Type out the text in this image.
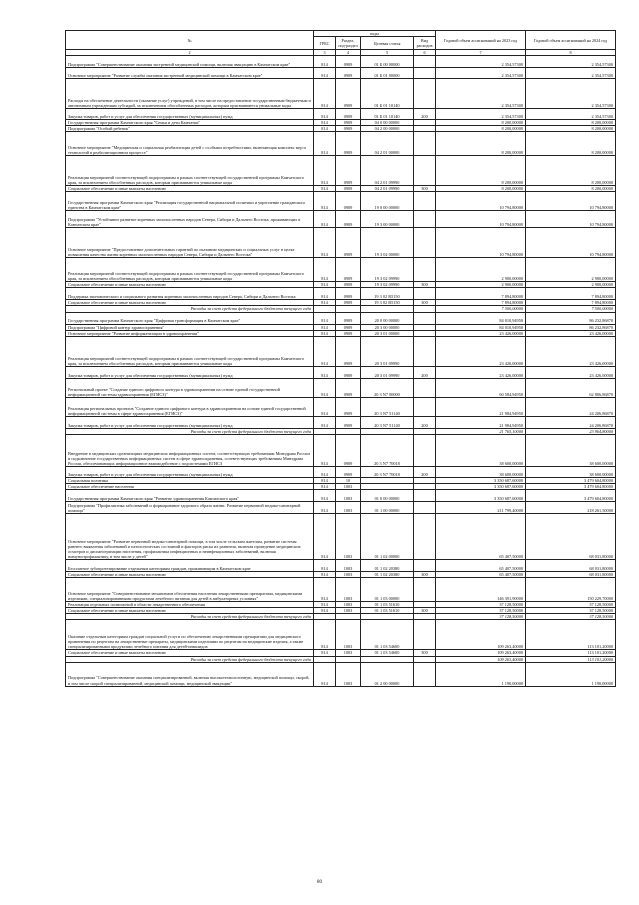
№	коды				Годовой объем ассигнований на 2023 год	Годовой объем ассигнований на 2024 год
	ГРБС	Раздел, под-раздел	Целевая статья	Вид расходов		
2	3	4	5	6	7	8
Подпрограмма "Совершенствование оказания экстренной медицинской помощи, включая эвакуацию в Камчатском крае"	814	0909	01 Б 00 00000		2 354,57300	2 354,57300
Основное мероприятие "Развитие службы оказания экстренной медицинской помощи в Камчатском крае"	814	0909	01 Б 01 00000		2 354,57300	2 354,57300
Расходы на обеспечение деятельности (оказание услуг) учреждений, в том числе на предоставление государственным бюджетным и автономным учреждениям субсидий, за исключением обособленных расходов, которым присваиваются уникальные коды	814	0909	01 Б 01 10140		2 354,57300	2 354,57300
Закупка товаров, работ и услуг для обеспечения государственных (муниципальных) нужд	814	0909	01 Б 01 10140	200	2 354,57300	2 354,57300
Государственная программа Камчатского края "Семья и дети Камчатки"	814	0909	04 0 00 00000		8 200,00000	8 200,00000
Подпрограмма "Особый ребенок"	814	0909	04 2 00 00000		8 200,00000	8 200,00000
Основное мероприятие "Медицинская и социальная реабилитация детей с особыми потребностями, включающая комплекс мер и технологий в реабилитационном процессе"	814	0909	04 2 01 00000		8 200,00000	8 200,00000
Реализация мероприятий соответствующей подпрограммы в рамках соответствующей государственной программы Камчатского края, за исключением обособленных расходов, которым присваиваются уникальные коды	814	0909	04 2 01 09990		8 200,00000	8 200,00000
Социальное обеспечение и иные выплаты населению	814	0909	04 2 01 09990	300	8 200,00000	8 200,00000
Государственная программа Камчатского края "Реализация государственной национальной политики и укрепление гражданского единства в Камчатском крае"	814	0909	19 0 00 00000		10 794,80000	10 794,80000
Подпрограмма "Устойчивое развитие коренных малочисленных народов Севера, Сибири и Дальнего Востока, проживающих в Камчатском крае"	814	0909	19 3 00 00000		10 794,80000	10 794,80000
Основное мероприятие "Предоставление дополнительных гарантий по оказанию медицинских и социальных услуг в целях повышения качества жизни коренных малочисленных народов Севера, Сибири и Дальнего Востока"	814	0909	19 3 02 00000		10 794,80000	10 794,80000
Реализация мероприятий соответствующей подпрограммы в рамках соответствующей государственной программы Камчатского края, за исключением обособленных расходов, которым присваиваются уникальные коды	814	0909	19 3 02 09990		2 900,00000	2 900,00000
Социальное обеспечение и иные выплаты населению	814	0909	19 3 02 09990	300	2 900,00000	2 900,00000
Поддержка экономического и социального развития коренных малочисленных народов Севера, Сибири и Дальнего Востока	814	0909	19 3 02 R5150		7 894,80000	7 894,80000
Социальное обеспечение и иные выплаты населению	814	0909	19 3 02 R5150	300	7 894,80000	7 894,80000
Расходы за счет средств федерального бюджета текущего года					7 500,00000	7 500,00000
Государственная программа Камчатского края "Цифровая трансформация в Камчатском крае"	814	0909	20 0 00 00000		84 010,94950	86 232,86870
Подпрограмма "Цифровой контур здравоохранения"	814	0909	20 3 00 00000		84 010,94950	86 232,86870
Основное мероприятие "Развитие информатизации в здравоохранении"	814	0909	20 3 01 00000		23 426,00000	23 426,00000
Реализация мероприятий соответствующей подпрограммы в рамках соответствующей государственной программы Камчатского края, за исключением обособленных расходов, которым присваиваются уникальные коды	814	0909	20 3 01 09990		23 426,00000	23 426,00000
Закупка товаров, работ и услуг для обеспечения государственных (муниципальных) нужд	814	0909	20 3 01 09990	200	23 426,00000	23 426,00000
Региональный проект "Создание единого цифрового контура в здравоохранении на основе единой государственной информационной системы здравоохранения (ЕГИСЗ)"	814	0909	20 3 N7 00000		60 584,94950	62 806,86870
Реализация региональных проектов "Создание единого цифрового контура в здравоохранении на основе единой государственной информационной системы в сфере здравоохранения (ЕГИСЗ)"	814	0909	20 3 N7 51140		21 984,94950	24 206,86870
Закупка товаров, работ и услуг для обеспечения государственных (муниципальных) нужд	814	0909	20 3 N7 51140	200	21 984,94950	24 206,86870
Расходы за счет средств федерального бюджета текущего года					21 765,10000	23 964,80000
Внедрение в медицинских организациях медицинских информационных систем, соответствующих требованиям Минздрава России и подключение государственных информационных систем в сфере здравоохранения, соответствующих требованиям Минздрава России, обеспечивающих информационное взаимодействие с подсистемами ЕГИСЗ	814	0909	20 3 N7 70018		38 600,00000	38 600,00000
Закупка товаров, работ и услуг для обеспечения государственных (муниципальных) нужд	814	0909	20 3 N7 70018	200	38 600,00000	38 600,00000
Социальная политика	814	10			3 350 687,60000	3 479 604,80000
Социальное обеспечение населения	814	1003			3 350 687,60000	3 479 604,80000
Государственная программа Камчатского края "Развитие здравоохранения Камчатского края"	814	1003	01 0 00 00000		3 350 687,60000	3 479 604,80000
Подпрограмма "Профилактика заболеваний и формирование здорового образа жизни. Развитие первичной медико-санитарной помощи"	814	1003	01 1 00 00000		211 799,40000	218 261,50000
Основное мероприятие "Развитие первичной медико-санитарной помощи, в том числе сельским жителям, развитие системы раннего выявления заболеваний и патологических состояний и факторов риска их развития, включая проведение медицинских осмотров и диспансеризации населения, профилактика инфекционных и неинфекционных заболеваний, включая иммунопрофилактику, в том числе у детей"	814	1003	01 1 02 00000		65 407,50000	68 031,80000
Бесплатное зубопротезирование отдельным категориям граждан, проживающим в Камчатском крае	814	1003	01 1 02 20380		65 407,50000	68 031,80000
Социальное обеспечение и иные выплаты населению	814	1003	01 1 02 20380	300	65 407,50000	68 031,80000
Основное мероприятие "Совершенствование механизмов обеспечения населения лекарственными препаратами, медицинскими изделиями, специализированными продуктами лечебного питания для детей в амбулаторных условиях"	814	1003	01 1 03 00000		146 391,90000	150 229,70000
Реализация отдельных полномочий в области лекарственного обеспечения	814	1003	01 1 03 51610		37 128,50000	37 128,50000
Социальное обеспечение и иные выплаты населению	814	1003	01 1 03 51610	300	37 128,50000	37 128,50000
Расходы за счет средств федерального бюджета текущего года					37 128,50000	37 128,50000
Оказание отдельным категориям граждан социальной услуги по обеспечению лекарственными препаратами для медицинского применения по рецептам на лекарственные препараты, медицинскими изделиями по рецептам на медицинские изделия, а также специализированными продуктами лечебного питания для детей-инвалидов	814	1003	01 1 03 54600		109 263,40000	113 101,20000
Социальное обеспечение и иные выплаты населению	814	1003	01 1 03 54600	300	109 263,40000	113 101,20000
Расходы за счет средств федерального бюджета текущего года					109 263,40000	113 101,20000
Подпрограмма "Совершенствование оказания специализированной, включая высокотехнологичную, медицинской помощи, скорой, в том числе скорой специализированной, медицинской помощи, медицинской эвакуации"	814	1003	01 2 00 00000		1 190,00000	1 190,00000
80
